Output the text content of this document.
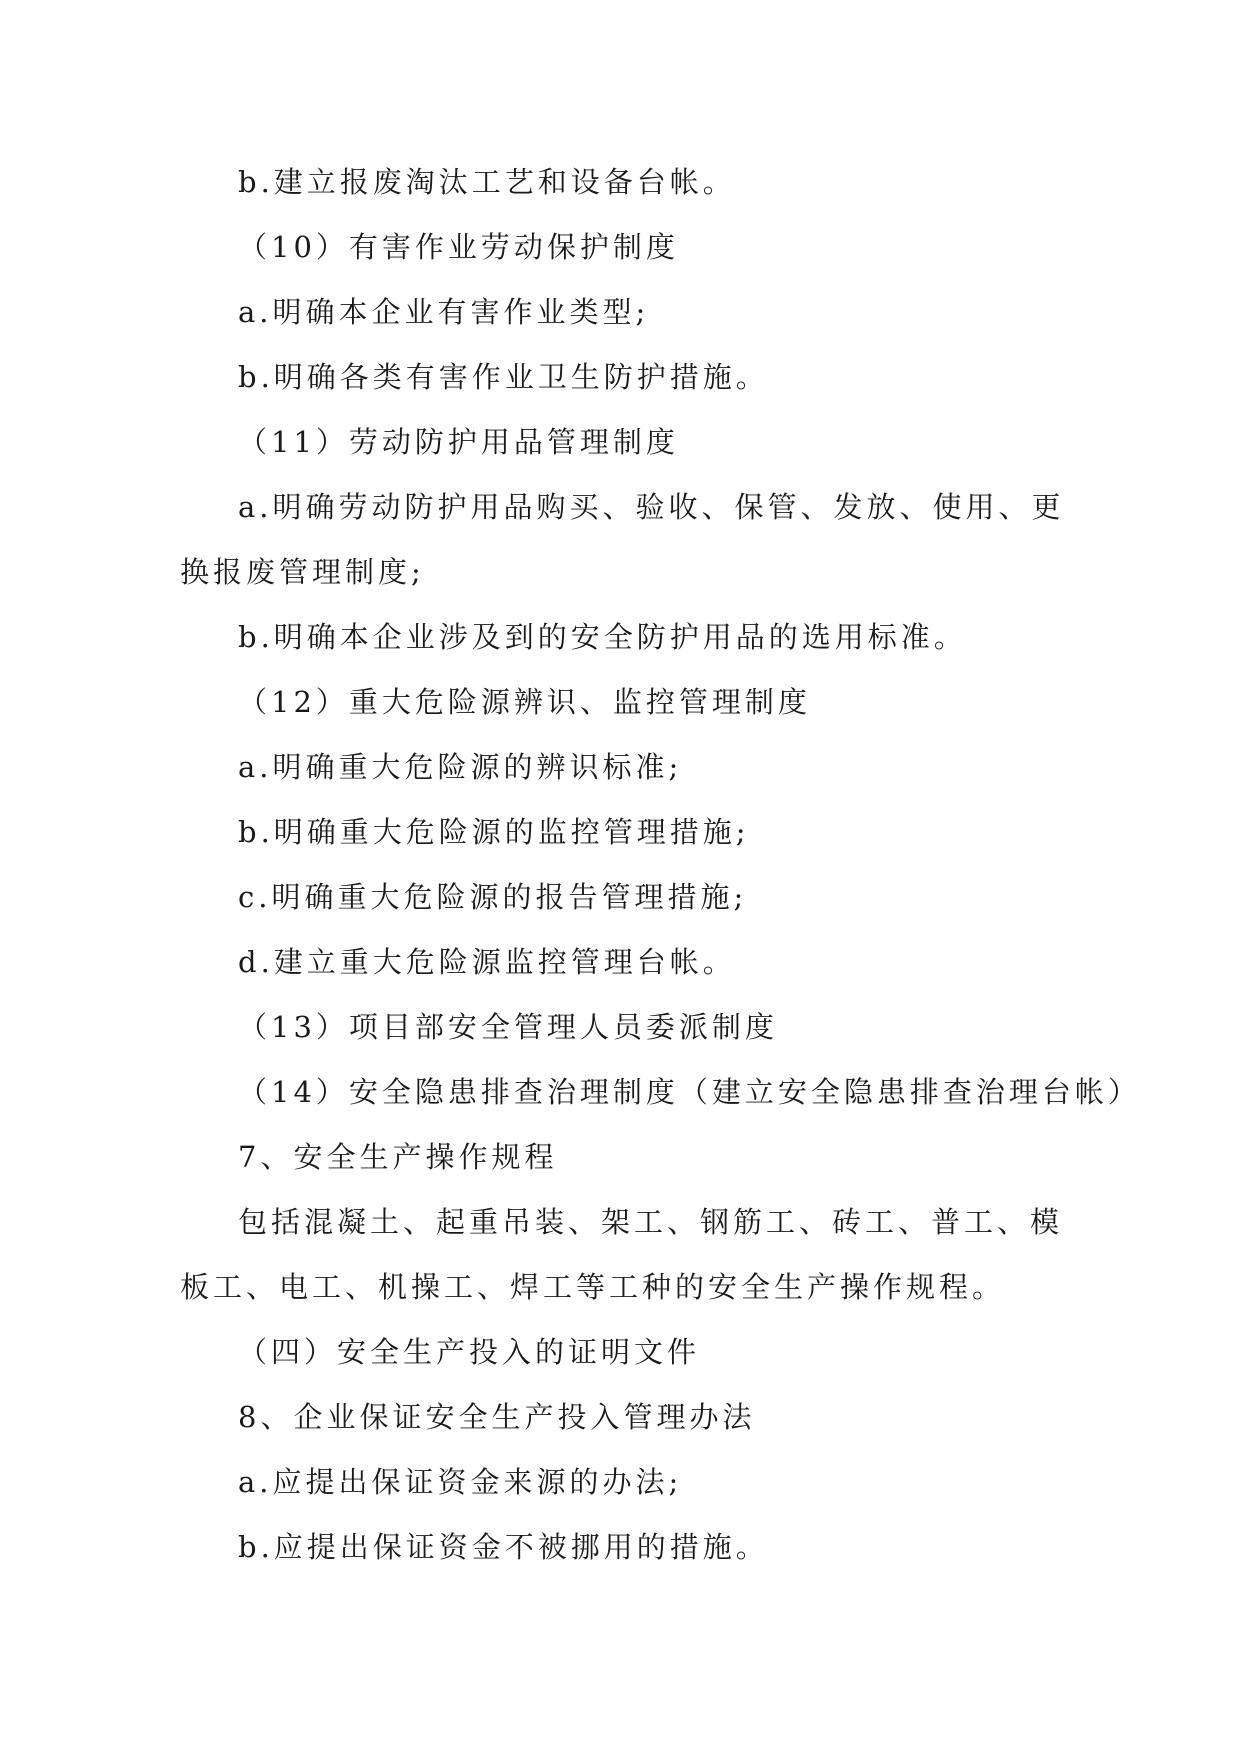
b.建立报废淘汰工艺和设备台帐。

（10）有害作业劳动保护制度

a.明确本企业有害作业类型;

b.明确各类有害作业卫生防护措施。

（11）劳动防护用品管理制度

a.明确劳动防护用品购买、验收、保管、发放、使用、更换报废管理制度;

b.明确本企业涉及到的安全防护用品的选用标准。

（12）重大危险源辨识、监控管理制度

a.明确重大危险源的辨识标准;

b.明确重大危险源的监控管理措施;

c.明确重大危险源的报告管理措施;

d.建立重大危险源监控管理台帐。

（13）项目部安全管理人员委派制度

（14）安全隐患排查治理制度（建立安全隐患排查治理台帐）

7、安全生产操作规程

包括混凝土、起重吊装、架工、钢筋工、砖工、普工、模板工、电工、机操工、焊工等工种的安全生产操作规程。

（四）安全生产投入的证明文件

8、企业保证安全生产投入管理办法

a.应提出保证资金来源的办法;

b.应提出保证资金不被挪用的措施。
